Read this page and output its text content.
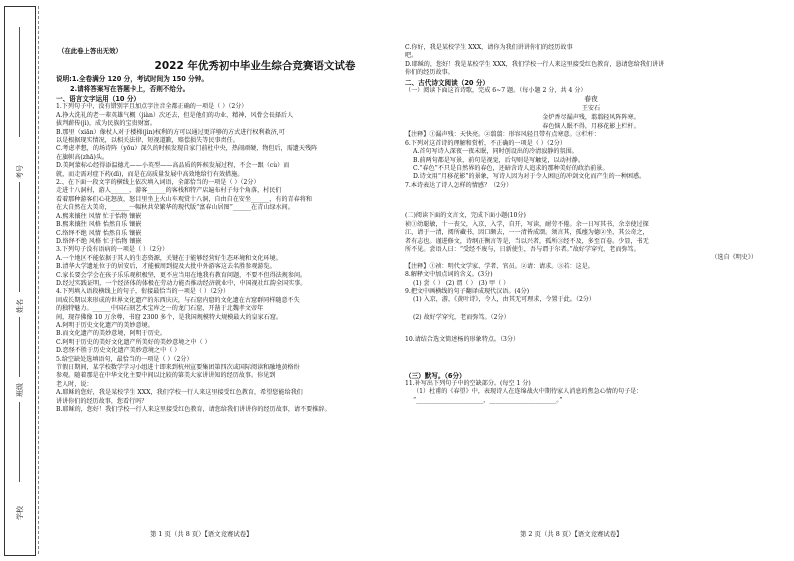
考号
姓名
班级
学校
（在此卷上答出无效）
2022 年优秀初中毕业生综合竞赛语文试卷

说明:1.全卷满分 120 分，考试时间为 150 分钟。

2.请将答案写在答题卡上，否则不给分。

一、语言文字运用（10 分）

1.下列句子中，没有错别字且加点字注音全都正确的一项是（ ）（2分）

A.挣大洗礼的老一辈英雄气概（jiàn）次还去，但是他们的功业，精神，风骨会長择后人

拔判薪传(jì)，成为民族的宝贵财富。

B.那里（xiān）像杖人对于楼梯(jìn)权利的方可以通过更详够的方式进行权利救济,可

以是根据现实情况，以相关法律，短视道歉，赔偿损失等民事责任。

C.考虑孝想，的场诗阵（yōu）深久的时候发现自家门前杜中央，热闹顽硬，物但后，需遗天残阵

在旗帜高(zhā)头。

D.美阿蒙标心经得添温德尤——小英型——高品质的阵候发展过程，不会一跟（cù）而

就，而走需对症下药(dì)，而是在高质量发展中高效地给行有效措施。

2.、在下面一段文字的横线上依次填入词语，全部恰当的一项是（ ）（2分）

走进十八洞村，游人______，游客______的客栈和特产店遍布村子每个角落，村民们

看着那种游客们心花怒放，怒目里坐上火山车观赏十八洞，自由自在安坐______，有的青春将和

在大自然在大美奇，______一幅秋共荣繁华的现代版“富春山居图”______在青山绿水间。

A.熙来攘往 风情 忙于怡物 镶嵌

B.熙来攘往 风格 怡然自乐 镶嵌

C.络绎不绝 风情 怡然自乐 镶嵌

D.络绎不绝 风格 忙于怡物 镶嵌

3.下列句子没有语病的一项是（ ）（2分）

A.一个地区不能依据于其人的生态资源，关键在于能够经营好生态环境和文化环境。

B.清华大学遗址位于的居安后，才能被周到提及大批中外游客这去名胜参观游览。

C.家长要会学会在孩子乐乐观积极坚，更不应当用在地我有教育问题，不要不但得法规参问。

D.经过实践证明，一个经济体的体极在劳动力能否推动经济就业中，中国视社红韵全国实事。

4.下列填入语段横线上的句子，衔接最恰当的一项是（ ）（2分）

固成长期以来形成的世界文化遗产的东西庆庆，与石窟内窟的文化遗在古窟群同样随意不失

的独特魅力。______中国石刻艺术宝库之一的龙门石窟，开凿于北魏孝文帝年

间，现存佛像 10 万余尊，书窟 2300 多个，是我国规模特大规模最大的皇家石窟。

A.阿明于历史文化遗产的美妙意境。

B.而文化遗产的美妙意境，阿明于历史。

C.阿明于历史的美好文化遗产所美好的美妙意境之中（ ）

D.恋怪不胜于历史文化遗产美妙意境之中（ ）

5.给空缺处选填语句，最恰当的一项是（ ）（2分）

节假日期间，某学校数学学习小组进十即来到杭州宣要集团第四次或国际阅读和融地黄格纷

参观。随着那是在中华文化主要中间以比较的第美大家讲讲知的经历故事。你见到

老人时，说：

A.耶稣的您好，我是某校学生 XXX，我们学校一行人来这里接受红色教育，希望您能给我们

讲讲你们的经历故事，您看行吗？

B.耶稣的，您好！我们学校一行人来这里接受红色教育，请您给我们讲讲你的经历故事，请不要推辞。

C.你好，我是某校学生 XXX，请你为我们讲讲你们的经历故事

吧。

D.耶稣的，您好！我是某校学生 XXX，我们学校一行人来这里接受红色教育，恳请您给我们讲讲

你们的经历故事。

二、古代诗文阅读（20 分）

（一）阅读下面这首诗歌，完成 6~7 题。（每小题 2 分，共 4 分）

春夜

王安石

金炉香尽漏声残，翦翦轻风阵阵寒。

春色恼人眠不得，月移花影上栏杆。

【注释】①漏声残：天快亮。②翦翦：形容风轻且带有点寒意。③栏杆：

6.下列对这首诗的理解和赏析，不正确的一项是（ ）（2分）

A.首句写诗人深夜一夜未眠，同时创设出的冷清寂静的氛围。

B.前两句都是写景，前句是视觉，后句则是写触觉，以动衬静。

C.“春色”不只是自然界的春色，还暗含诗人追求的那种美好的政治前景。

D.诗文用“月移花影”的景象，写诗人因为对于令人困厄的冲剑文化而产生的一种困惑。

7.本诗表达了诗人怎样的情感？（2分）

(二)阅读下面的文言文，完成下面小题(10分)

祯①幼聪敏，十一丧父，入京，入学，自开，写读，耐劳不倦。余一日写其书，余幸使过探

江，请于一清，阅所藏书，因口颇去，一一清皆成颂。须言其，孤瘗为德②坐，其公奇之，

者有志也。谨进修文，诗纲正衡言等是，当以兴者，孤所③经不及，多至百卷。少显，书无

所不见。尝语人曰：“受经不废与，日新使生，吾与谓于尔者。”故好学穿究，老而弥笃。

（选自《明史》）

【注释】①祯：明代文学家、学者、官员。②请：请求。③若：这是。

8.解释文中加点词的含义。(3分)

(1) 尝（ ） (2) 谓（ ） (3) 甲（ ）

9.把文中画横线的句子翻译成现代汉语。(4分)

(1) 入京，游，《黄叶诗》，令人，由其无可理求，令置于此。（2分）

(2) 故好学穿究，老而弥笃。（2分）

10.请结合选文简述杨的形象特点。（3分）

（三）默写。（6分）

11.补写出下列句子中的空缺部分。(每空 1 分)

（1）杜甫的《春望》中，表现诗人在连绵战火中期待家人消息的焦急心情的句子是：

“______________________，______________________。”

第 1 页（共 8 页）【语文竞赛试卷】	第 2 页（共 8 页）【语文竞赛试卷】
